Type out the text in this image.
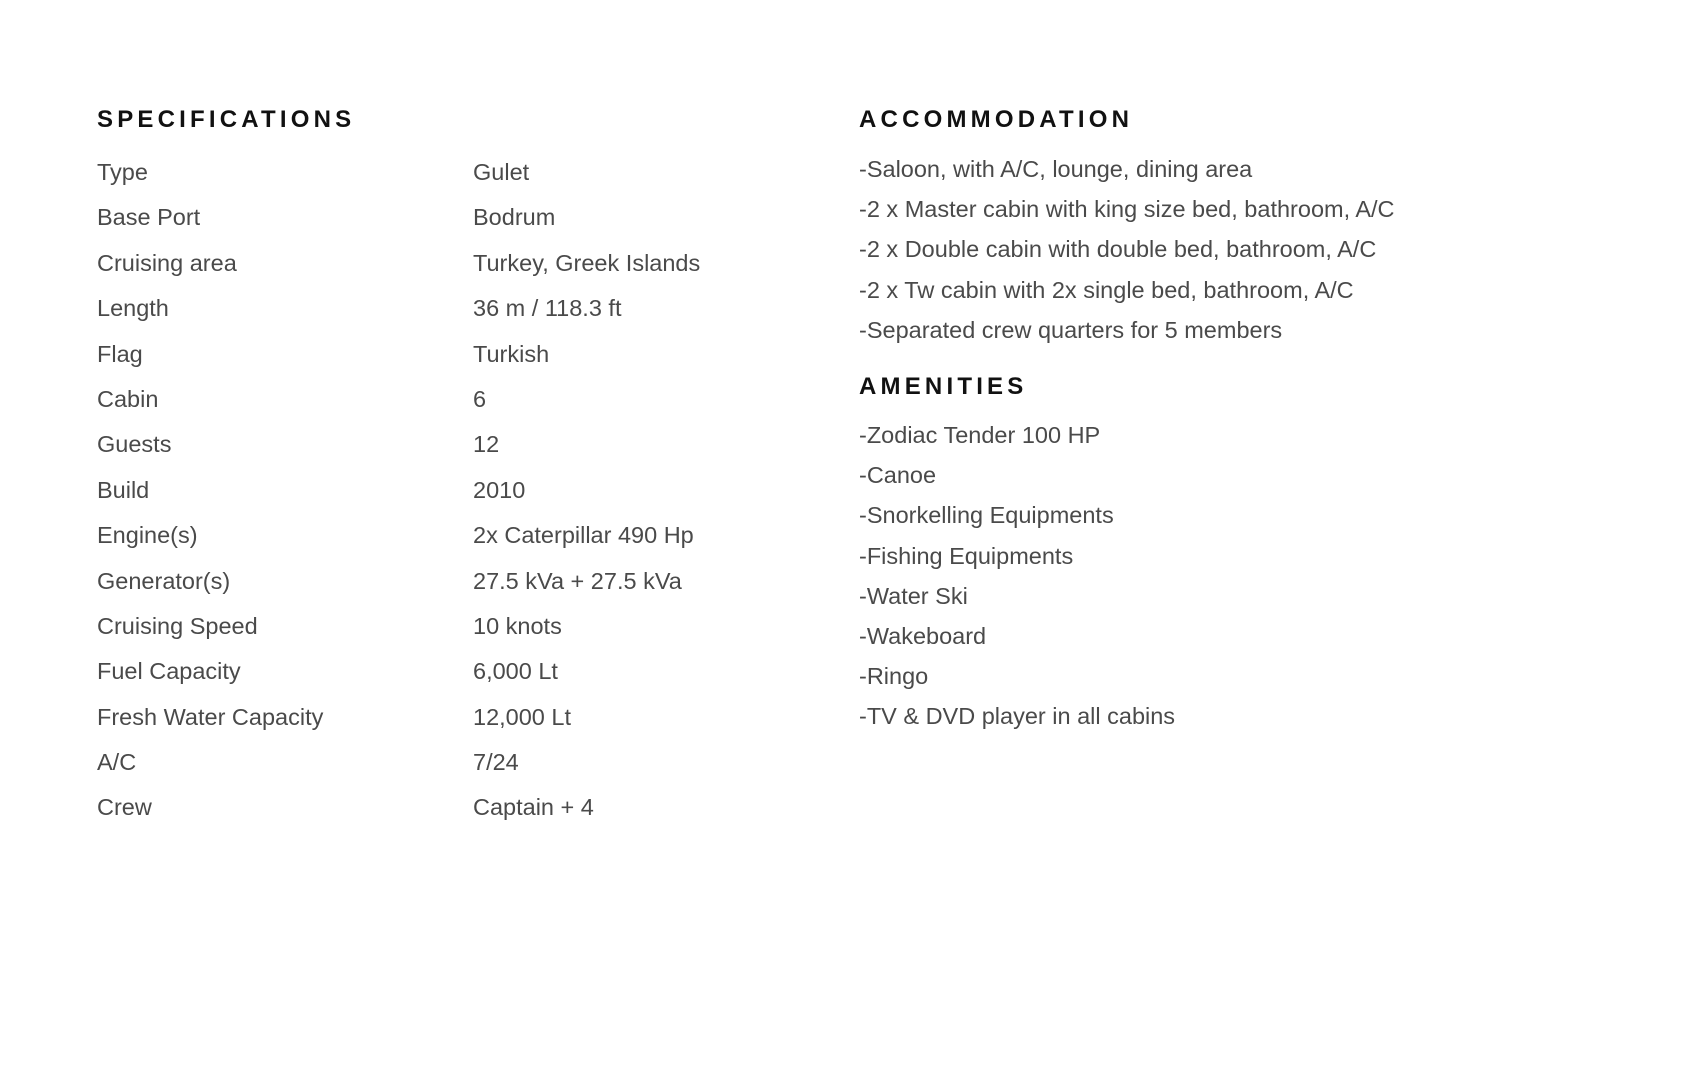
SPECIFICATIONS
Type	Gulet
Base Port	Bodrum
Cruising area	Turkey, Greek Islands
Length	36 m / 118.3 ft
Flag	Turkish
Cabin	6
Guests	12
Build	2010
Engine(s)	2x Caterpillar 490 Hp
Generator(s)	27.5 kVa + 27.5 kVa
Cruising Speed	10 knots
Fuel Capacity	6,000 Lt
Fresh Water Capacity	12,000 Lt
A/C	7/24
Crew	Captain + 4
ACCOMMODATION
-Saloon, with A/C, lounge, dining area
-2 x Master cabin with king size bed, bathroom, A/C
-2 x Double cabin with double bed, bathroom, A/C
-2 x Tw cabin with 2x single bed, bathroom, A/C
-Separated crew quarters for 5 members
AMENITIES
-Zodiac Tender 100 HP
-Canoe
-Snorkelling Equipments
-Fishing Equipments
-Water Ski
-Wakeboard
-Ringo
-TV & DVD player in all cabins
